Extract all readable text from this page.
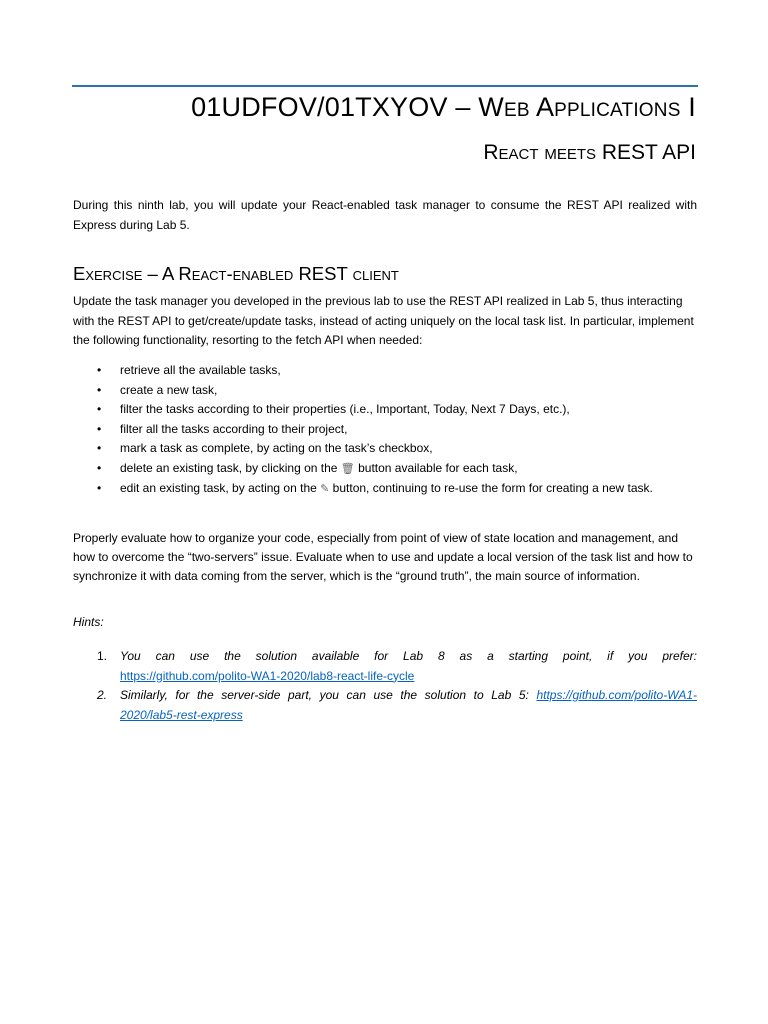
01UDFOV/01TXYOV – Web Applications I
React meets REST API

During this ninth lab, you will update your React-enabled task manager to consume the REST API realized with Express during Lab 5.

Exercise – A React-enabled REST client

Update the task manager you developed in the previous lab to use the REST API realized in Lab 5, thus interacting with the REST API to get/create/update tasks, instead of acting uniquely on the local task list. In particular, implement the following functionality, resorting to the fetch API when needed:

• retrieve all the available tasks,
• create a new task,
• filter the tasks according to their properties (i.e., Important, Today, Next 7 Days, etc.),
• filter all the tasks according to their project,
• mark a task as complete, by acting on the task’s checkbox,
• delete an existing task, by clicking on the 🗑 button available for each task,
• edit an existing task, by acting on the ✎ button, continuing to re-use the form for creating a new task.

Properly evaluate how to organize your code, especially from point of view of state location and management, and how to overcome the “two-servers” issue. Evaluate when to use and update a local version of the task list and how to synchronize it with data coming from the server, which is the “ground truth”, the main source of information.

Hints:

1. You can use the solution available for Lab 8 as a starting point, if you prefer:
https://github.com/polito-WA1-2020/lab8-react-life-cycle
2. Similarly, for the server-side part, you can use the solution to Lab 5: https://github.com/polito-WA1-2020/lab5-rest-express
